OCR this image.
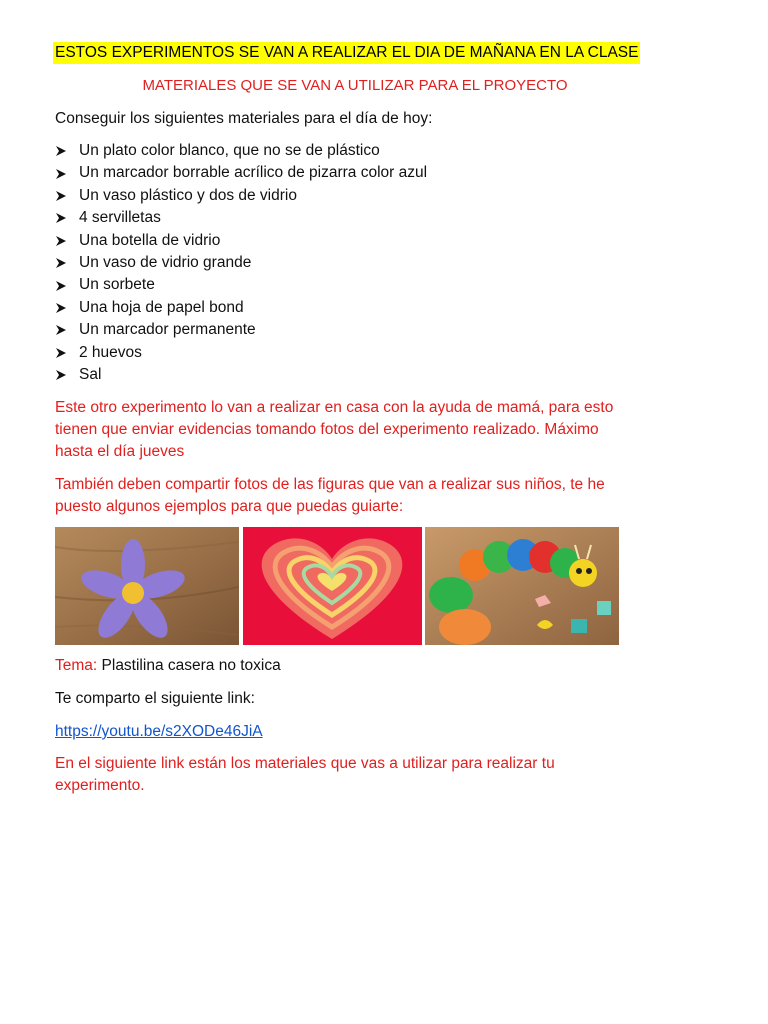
ESTOS EXPERIMENTOS SE VAN A REALIZAR EL DIA DE MAÑANA EN LA CLASE
MATERIALES QUE SE VAN A UTILIZAR PARA EL PROYECTO
Conseguir los siguientes materiales para el día de hoy:
Un plato color blanco, que no se de plástico
Un marcador borrable acrílico de pizarra color azul
Un vaso plástico y dos de vidrio
4 servilletas
Una botella de vidrio
Un vaso de vidrio grande
Un sorbete
Una hoja de papel bond
Un marcador permanente
2 huevos
Sal
Este otro experimento lo van a realizar en casa con la ayuda de mamá, para esto
tienen que enviar evidencias tomando fotos del experimento realizado. Máximo
hasta el día jueves
También deben compartir fotos de las figuras que van a realizar sus niños, te he
puesto algunos ejemplos para que puedas guiarte:
Tema: Plastilina casera no toxica
Te comparto el siguiente link:
https://youtu.be/s2XODe46JiA
En el siguiente link están los materiales que vas a utilizar para realizar tu
experimento.
